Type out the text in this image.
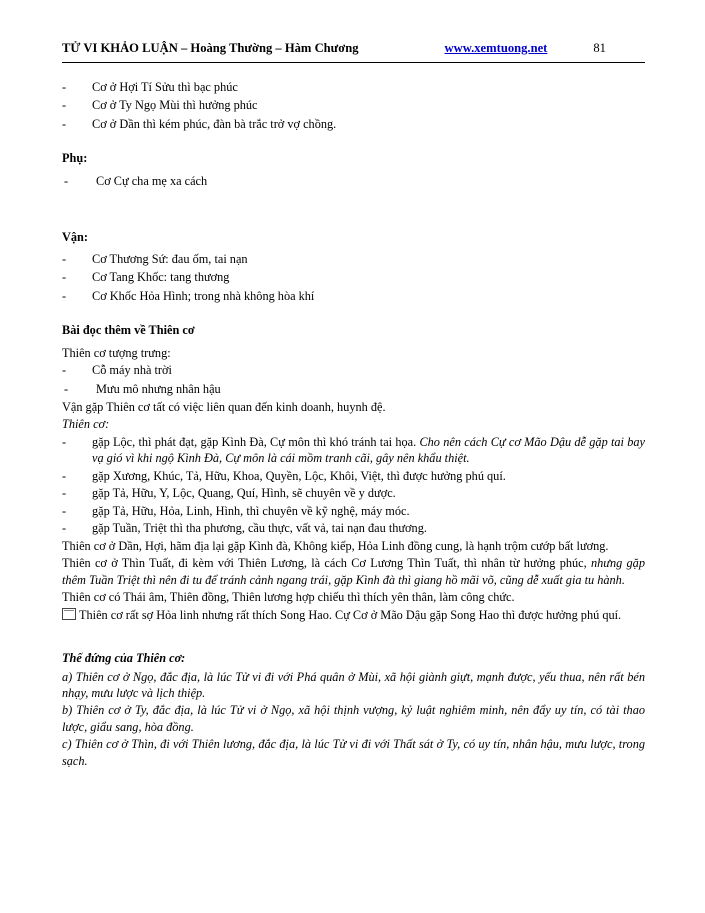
TỬ VI KHẢO LUẬN – Hoàng Thường – Hàm Chương	www.xemtuong.net	81
-	Cơ ở Hợi Tí Sửu thì bạc phúc
-	Cơ ở Ty Ngọ Mùi thì hưởng phúc
-	Cơ ở Dần thì kém phúc, đàn bà trắc trở vợ chồng.
Phụ:
-	Cơ Cự cha mẹ xa cách
Vận:
-	Cơ Thương Sứ: đau ốm, tai nạn
-	Cơ Tang Khốc: tang thương
-	Cơ Khốc Hỏa Hình; trong nhà không hòa khí
Bài đọc thêm về Thiên cơ
Thiên cơ tượng trưng:
-	Cỗ máy nhà trời
-	Mưu mô nhưng nhân hậu
Vận gặp Thiên cơ tất có việc liên quan đến kinh doanh, huynh đệ.
Thiên cơ:
-	gặp Lộc, thì phát đạt, gặp Kình Đà, Cự môn thì khó tránh tai họa. Cho nên cách Cự cơ Mão Dậu dễ gặp tai bay vạ gió vì khi ngộ Kình Đà, Cự môn là cái mồm tranh cãi, gây nên khẩu thiệt.
-	gặp Xương, Khúc, Tả, Hữu, Khoa, Quyền, Lộc, Khôi, Việt, thì được hưởng phú quí.
-	gặp Tả, Hữu, Y, Lộc, Quang, Quí, Hình, sẽ chuyên về y dược.
-	gặp Tả, Hữu, Hỏa, Linh, Hình, thì chuyên về kỹ nghệ, máy móc.
-	gặp Tuần, Triệt thì tha phương, cầu thực, vất vả, tai nạn đau thương.
Thiên cơ ở Dần, Hợi, hãm địa lại gặp Kình đà, Không kiếp, Hỏa Linh đồng cung, là hạnh trộm cướp bất lương.
Thiên cơ ở Thìn Tuất, đi kèm với Thiên Lương, là cách Cơ Lương Thìn Tuất, thì nhân từ hưởng phúc, nhưng gặp thêm Tuần Triệt thì nên đi tu để tránh cảnh ngang trái, gặp Kình đà thì giang hồ mãi võ, cũng dễ xuất gia tu hành.
Thiên cơ có Thái âm, Thiên đồng, Thiên lương hợp chiếu thì thích yên thân, làm công chức.
Thiên cơ rất sợ Hỏa linh nhưng rất thích Song Hao. Cự Cơ ở Mão Dậu gặp Song Hao thì được hưởng phú quí.
Thế đứng của Thiên cơ:
a) Thiên cơ ở Ngọ, đắc địa, là lúc Tử vi đi với Phá quân ở Mùi, xã hội giành giựt, mạnh được, yếu thua, nên rất bén nhạy, mưu lược và lịch thiệp.
b) Thiên cơ ở Ty, đắc địa, là lúc Tử vi ở Ngọ, xã hội thịnh vượng, kỷ luật nghiêm minh, nên đẩy uy tín, có tài thao lược, giẩu sang, hòa đồng.
c) Thiên cơ ở Thìn, đi với Thiên lương, đắc địa, là lúc Tử vi đi với Thất sát ở Ty, có uy tín, nhân hậu, mưu lược, trong sạch.
